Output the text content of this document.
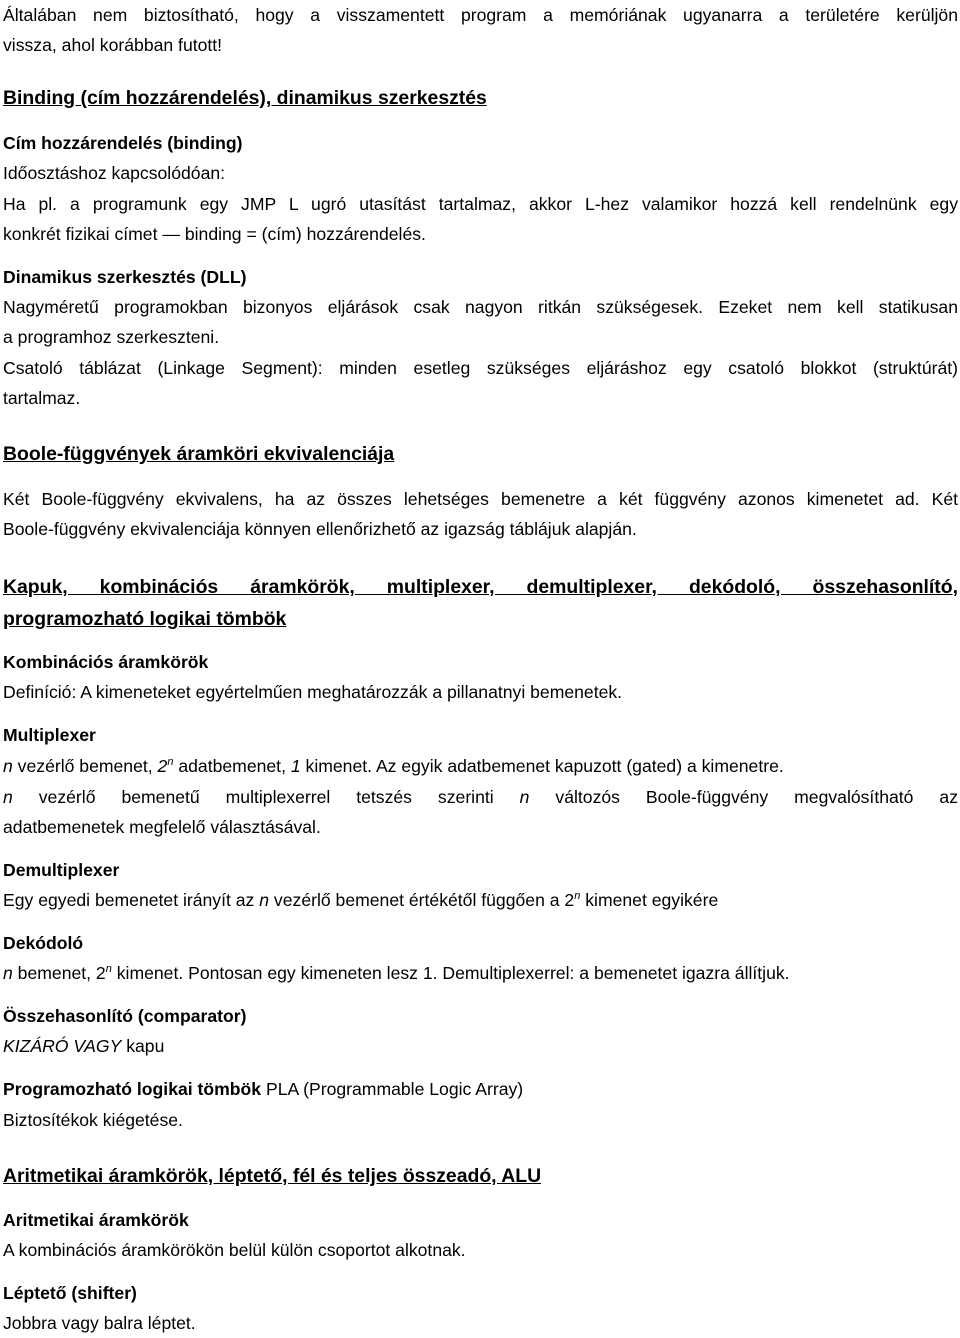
Általában nem biztosítható, hogy a visszamentett program a memóriának ugyanarra a területére kerüljön
vissza, ahol korábban futott!
Binding (cím hozzárendelés), dinamikus szerkesztés
Cím hozzárendelés (binding)
Időosztáshoz kapcsolódóan:
Ha pl. a programunk egy JMP L ugró utasítást tartalmaz, akkor L-hez valamikor hozzá kell rendelnünk egy
konkrét fizikai címet — binding = (cím) hozzárendelés.
Dinamikus szerkesztés (DLL)
Nagyméretű programokban bizonyos eljárások csak nagyon ritkán szükségesek. Ezeket nem kell statikusan
a programhoz szerkeszteni.
Csatoló táblázat (Linkage Segment): minden esetleg szükséges eljáráshoz egy csatoló blokkot (struktúrát)
tartalmaz.
Boole-függvények áramköri ekvivalenciája
Két Boole-függvény ekvivalens, ha az összes lehetséges bemenetre a két függvény azonos kimenetet ad. Két
Boole-függvény ekvivalenciája könnyen ellenőrizhető az igazság táblájuk alapján.
Kapuk, kombinációs áramkörök, multiplexer, demultiplexer, dekódoló, összehasonlító,
programozható logikai tömbök
Kombinációs áramkörök
Definíció: A kimeneteket egyértelműen meghatározzák a pillanatnyi bemenetek.
Multiplexer
n vezérlő bemenet, 2$^n$ adatbemenet, 1 kimenet. Az egyik adatbemenet kapuzott (gated) a kimenetre.
n vezérlő bemenetű multiplexerrel tetszés szerinti n változós Boole-függvény megvalósítható az
adatbemenetek megfelelő választásával.
Demultiplexer
Egy egyedi bemenetet irányít az n vezérlő bemenet értékétől függően a 2$^n$ kimenet egyikére
Dekódoló
n bemenet, 2$^n$ kimenet. Pontosan egy kimeneten lesz 1. Demultiplexerrel: a bemenetet igazra állítjuk.
Összehasonlító (comparator)
KIZÁRÓ VAGY kapu
Programozható logikai tömbök PLA (Programmable Logic Array)
Biztosítékok kiégetése.
Aritmetikai áramkörök, léptető, fél és teljes összeadó, ALU
Aritmetikai áramkörök
A kombinációs áramkörökön belül külön csoportot alkotnak.
Léptető (shifter)
Jobbra vagy balra léptet.
